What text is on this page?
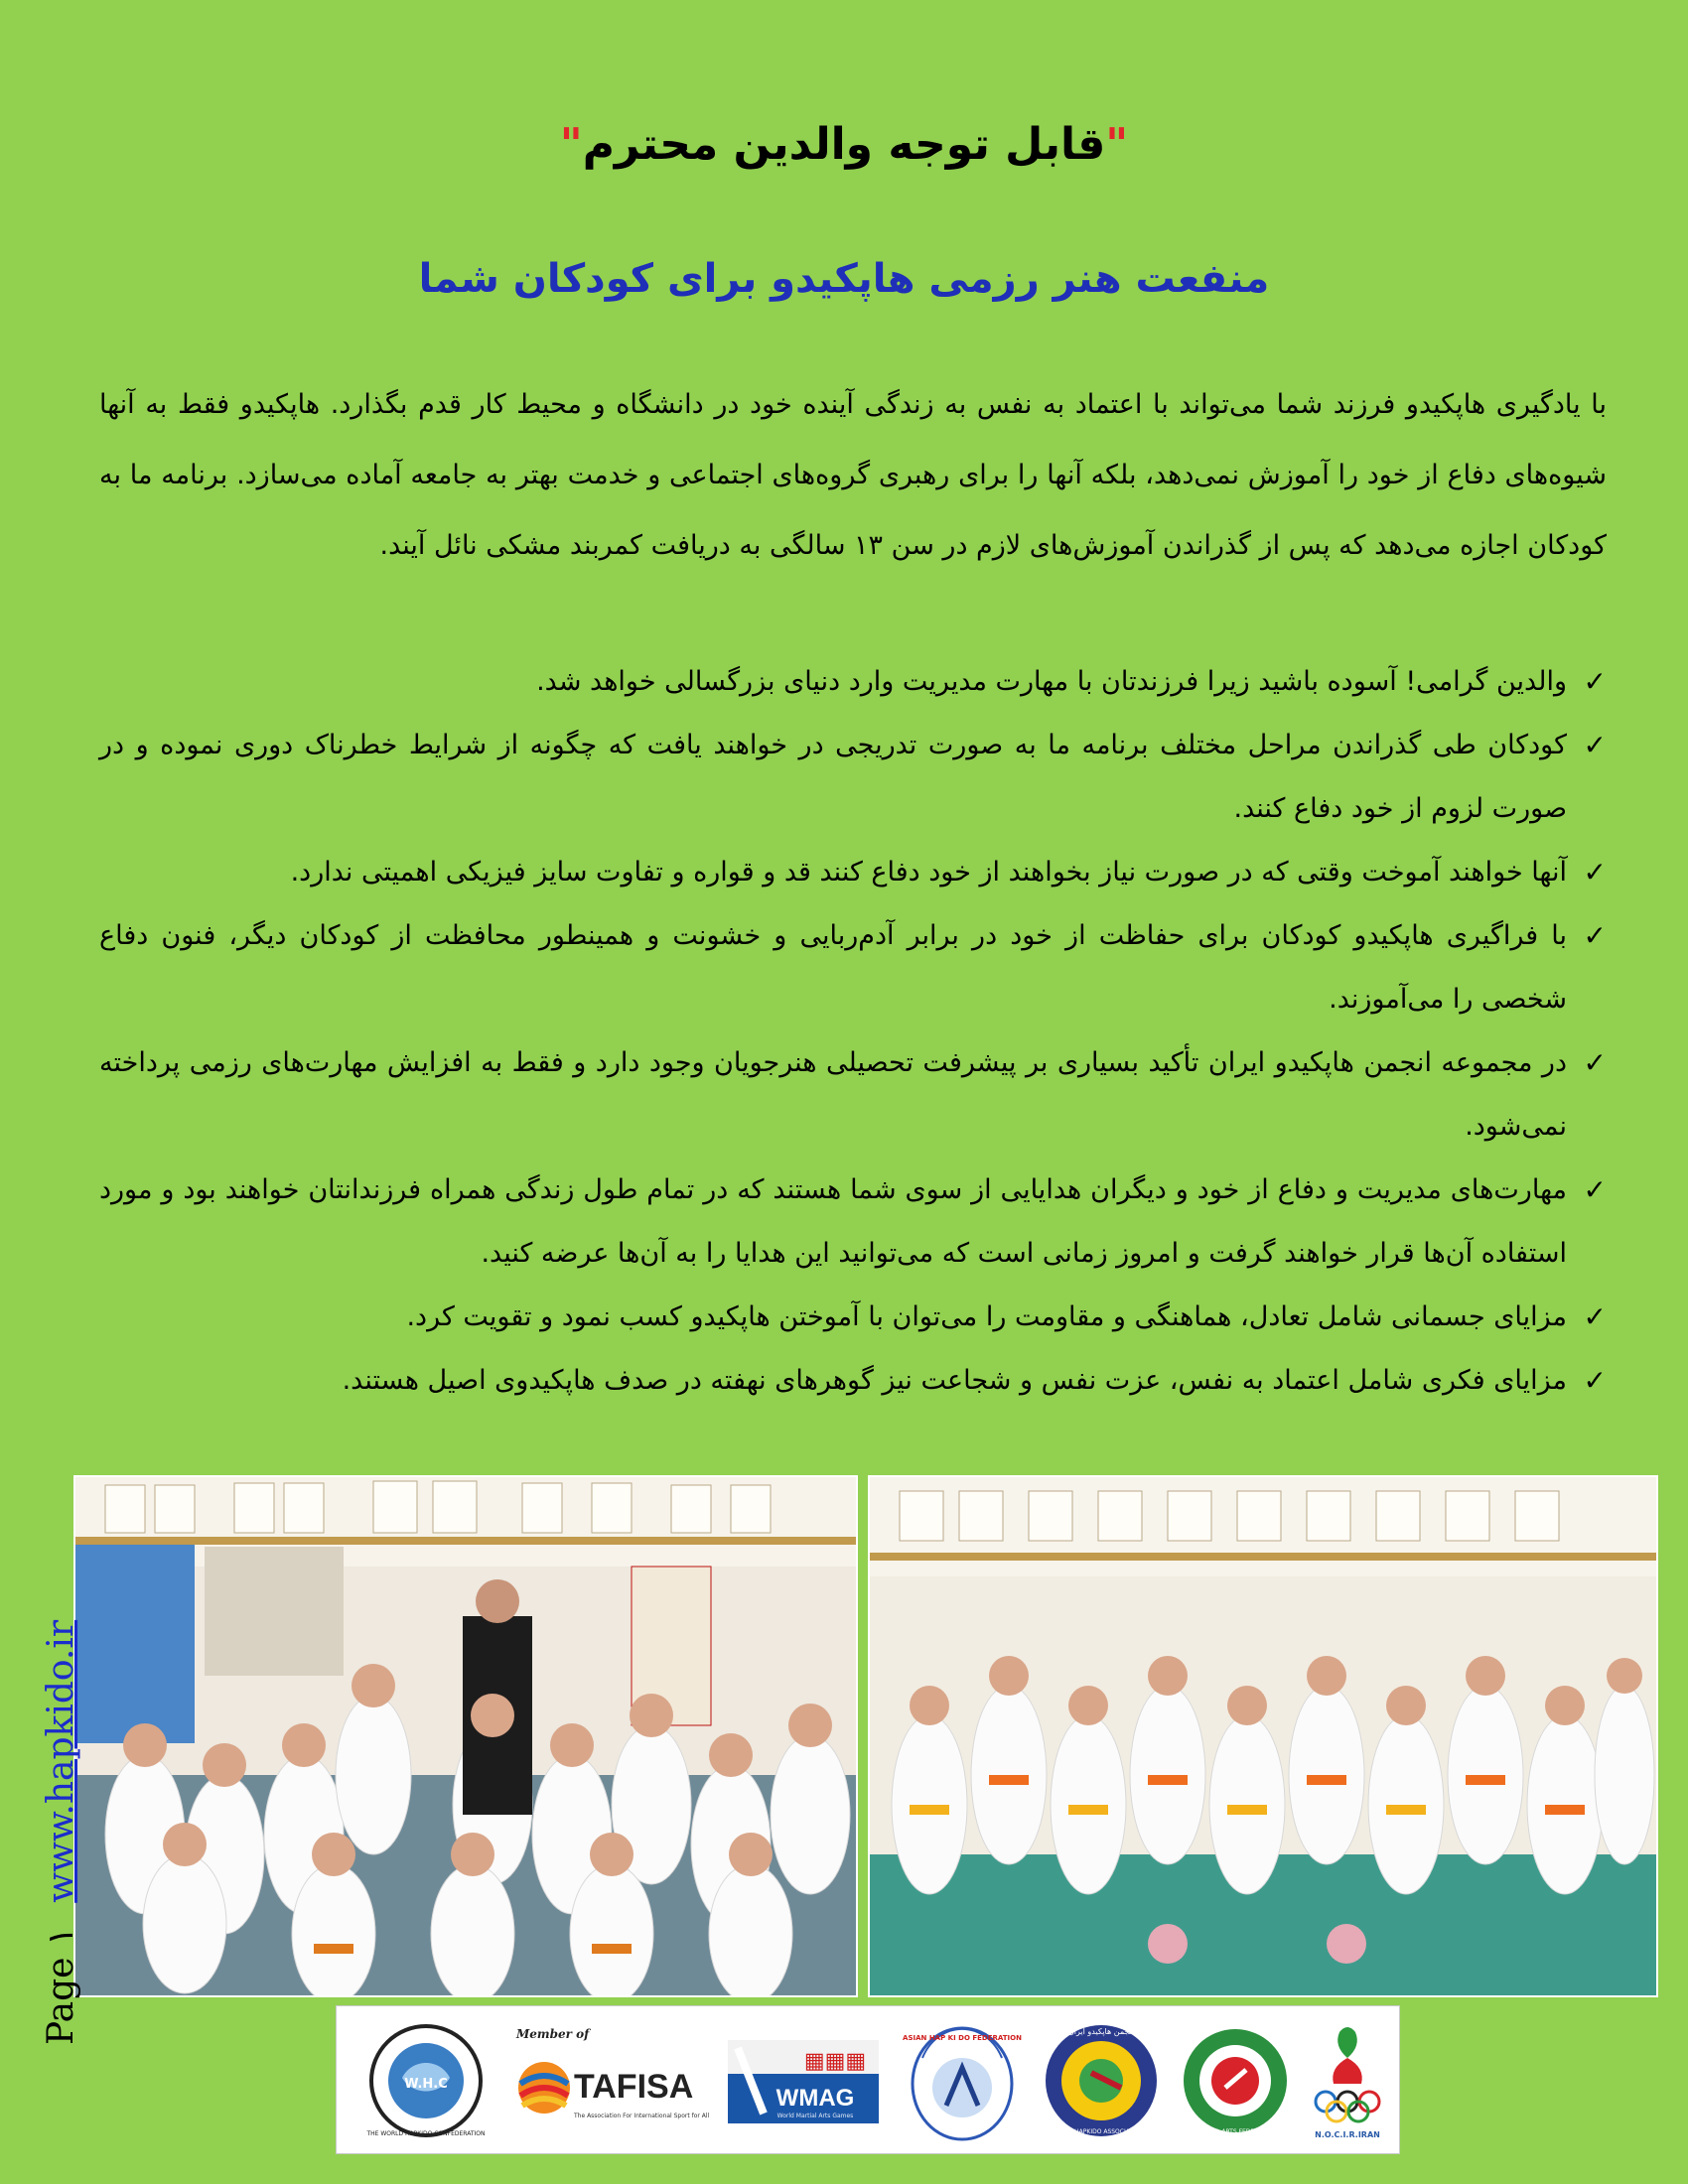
"قابل توجه والدین محترم"
منفعت هنر رزمی هاپکیدو برای کودکان شما

با یادگیری هاپکیدو فرزند شما می‌تواند با اعتماد به نفس به زندگی آینده خود در دانشگاه و محیط کار قدم بگذارد. هاپکیدو فقط به آنها شیوه‌های دفاع از خود را آموزش نمی‌دهد، بلکه آنها را برای رهبری گروه‌های اجتماعی و خدمت بهتر به جامعه آماده می‌سازد. برنامه ما به کودکان اجازه می‌دهد که پس از گذراندن آموزش‌های لازم در سن ۱۳ سالگی به دریافت کمربند مشکی نائل آیند.

✓
والدین گرامی! آسوده باشید زیرا فرزندتان با مهارت مدیریت وارد دنیای بزرگسالی خواهد شد.
✓
کودکان طی گذراندن مراحل مختلف برنامه ما به صورت تدریجی در خواهند یافت که چگونه از شرایط خطرناک دوری نموده و در صورت لزوم از خود دفاع کنند.
✓
آنها خواهند آموخت وقتی که در صورت نیاز بخواهند از خود دفاع کنند قد و قواره و تفاوت سایز فیزیکی اهمیتی ندارد.
✓
با فراگیری هاپکیدو کودکان برای حفاظت از خود در برابر آدم‌ربایی و خشونت و همینطور محافظت از کودکان دیگر، فنون دفاع شخصی را می‌آموزند.
✓
در مجموعه انجمن هاپکیدو ایران تأکید بسیاری بر پیشرفت تحصیلی هنرجویان وجود دارد و فقط به افزایش مهارت‌های رزمی پرداخته نمی‌شود.
✓
مهارت‌های مدیریت و دفاع از خود و دیگران هدایایی از سوی شما هستند که در تمام طول زندگی همراه فرزندانتان خواهند بود و مورد استفاده آن‌ها قرار خواهند گرفت و امروز زمانی است که می‌توانید این هدایا را به آن‌ها عرضه کنید.
✓
مزایای جسمانی شامل تعادل، هماهنگی و مقاومت را می‌توان با آموختن هاپکیدو کسب نمود و تقویت کرد.
✓
مزایای فکری شامل اعتماد به نفس، عزت نفس و شجاعت نیز گوهرهای نهفته در صدف هاپکیدوی اصیل هستند.
Page ۱www.hapkido.ir
W.H.C
THE WORLD HAPKIDO CONFEDERATION
Member of
TAFISA
The Association For International Sport for All
▦▦▦
WMAG
World Martial Arts Games
ASIAN HAP KI DO FEDERATION
انجمن هاپکیدو ایران
IRAN HAPKIDO ASSOCIATION	MARTIAL ARTS FEDERATION	N.O.C.I.R.IRAN
